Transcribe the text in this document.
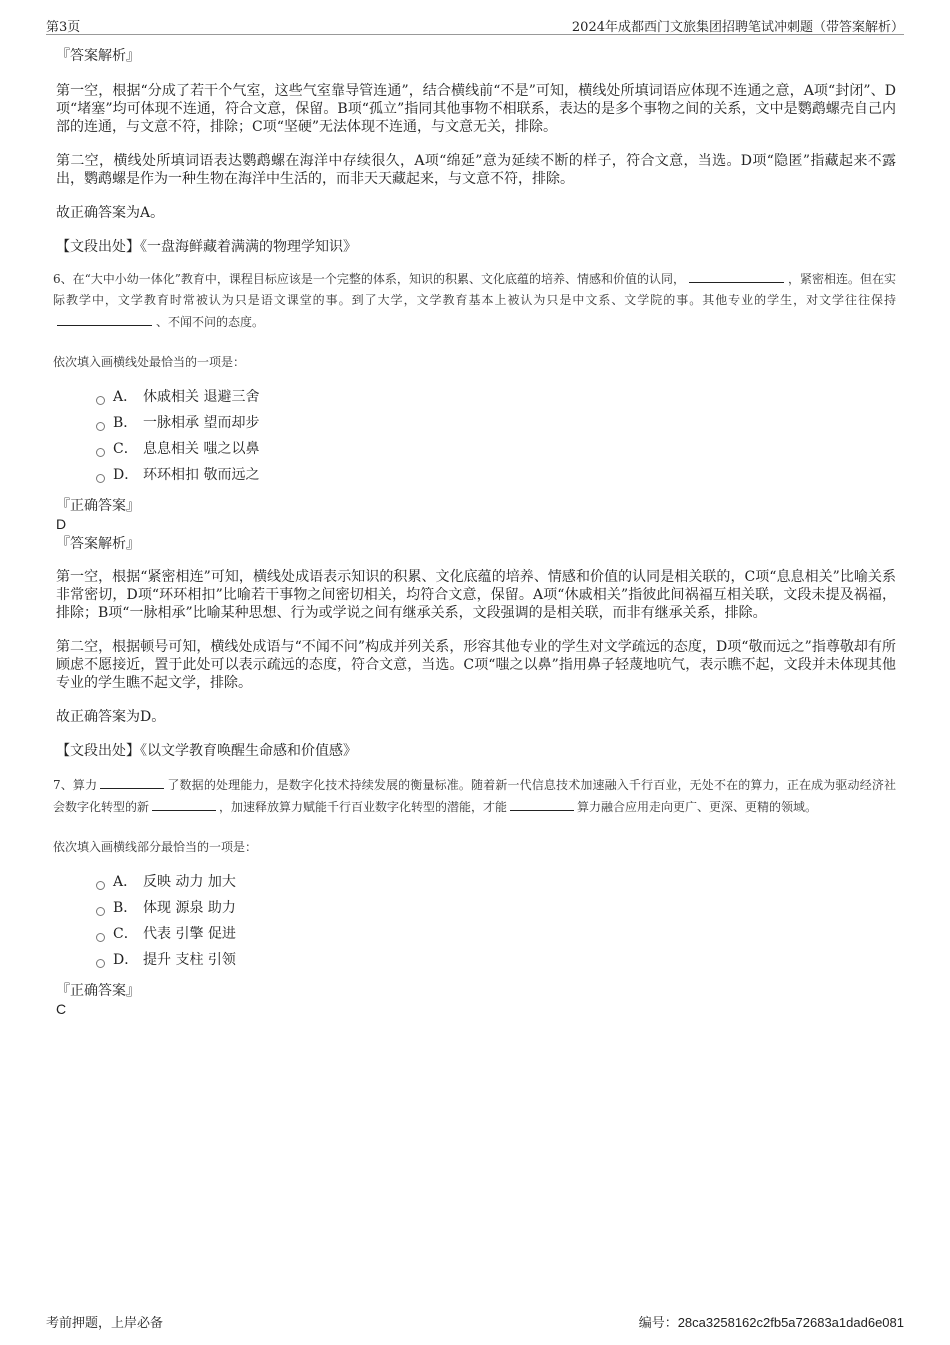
第3页	2024年成都西门文旅集团招聘笔试冲刺题（带答案解析）

『答案解析』

第一空，根据“分成了若干个气室，这些气室靠导管连通”，结合横线前“不是”可知，横线处所填词语应体现不连通之意，A项“封闭”、D项“堵塞”均可体现不连通，符合文意，保留。B项“孤立”指同其他事物不相联系，表达的是多个事物之间的关系，文中是鹦鹉螺壳自己内部的连通，与文意不符，排除；C项“坚硬”无法体现不连通，与文意无关，排除。

第二空，横线处所填词语表达鹦鹉螺在海洋中存续很久，A项“绵延”意为延续不断的样子，符合文意，当选。D项“隐匿”指藏起来不露出，鹦鹉螺是作为一种生物在海洋中生活的，而非天天藏起来，与文意不符，排除。

故正确答案为A。

【文段出处】《一盘海鲜藏着满满的物理学知识》

6、在“大中小幼一体化”教育中，课程目标应该是一个完整的体系，知识的积累、文化底蕴的培养、情感和价值的认同，	，紧密相连。但在实际教学中，文学教育时常被认为只是语文课堂的事。到了大学，文学教育基本上被认为只是中文系、文学院的事。其他专业的学生，对文学往往保持、不闻不问的态度。

依次填入画横线处最恰当的一项是：

A． 休戚相关 退避三舍
B． 一脉相承 望而却步
C． 息息相关 嗤之以鼻
D． 环环相扣 敬而远之

『正确答案』

D

『答案解析』

第一空，根据“紧密相连”可知，横线处成语表示知识的积累、文化底蕴的培养、情感和价值的认同是相关联的，C项“息息相关”比喻关系非常密切，D项“环环相扣”比喻若干事物之间密切相关，均符合文意，保留。A项“休戚相关”指彼此间祸福互相关联，文段未提及祸福，排除；B项“一脉相承”比喻某种思想、行为或学说之间有继承关系，文段强调的是相关联，而非有继承关系，排除。

第二空，根据顿号可知，横线处成语与“不闻不问”构成并列关系，形容其他专业的学生对文学疏远的态度，D项“敬而远之”指尊敬却有所顾虑不愿接近，置于此处可以表示疏远的态度，符合文意，当选。C项“嗤之以鼻”指用鼻子轻蔑地吭气，表示瞧不起，文段并未体现其他专业的学生瞧不起文学，排除。

故正确答案为D。

【文段出处】《以文学教育唤醒生命感和价值感》

7、算力	了数据的处理能力，是数字化技术持续发展的衡量标准。随着新一代信息技术加速融入千行百业，无处不在的算力，正在成为驱动经济社会数字化转型的新	，加速释放算力赋能千行百业数字化转型的潜能，才能	算力融合应用走向更广、更深、更精的领域。

依次填入画横线部分最恰当的一项是：

A． 反映 动力 加大
B． 体现 源泉 助力
C． 代表 引擎 促进
D． 提升 支柱 引领

『正确答案』

C

考前押题，上岸必备	编号：28ca3258162c2fb5a72683a1dad6e081
